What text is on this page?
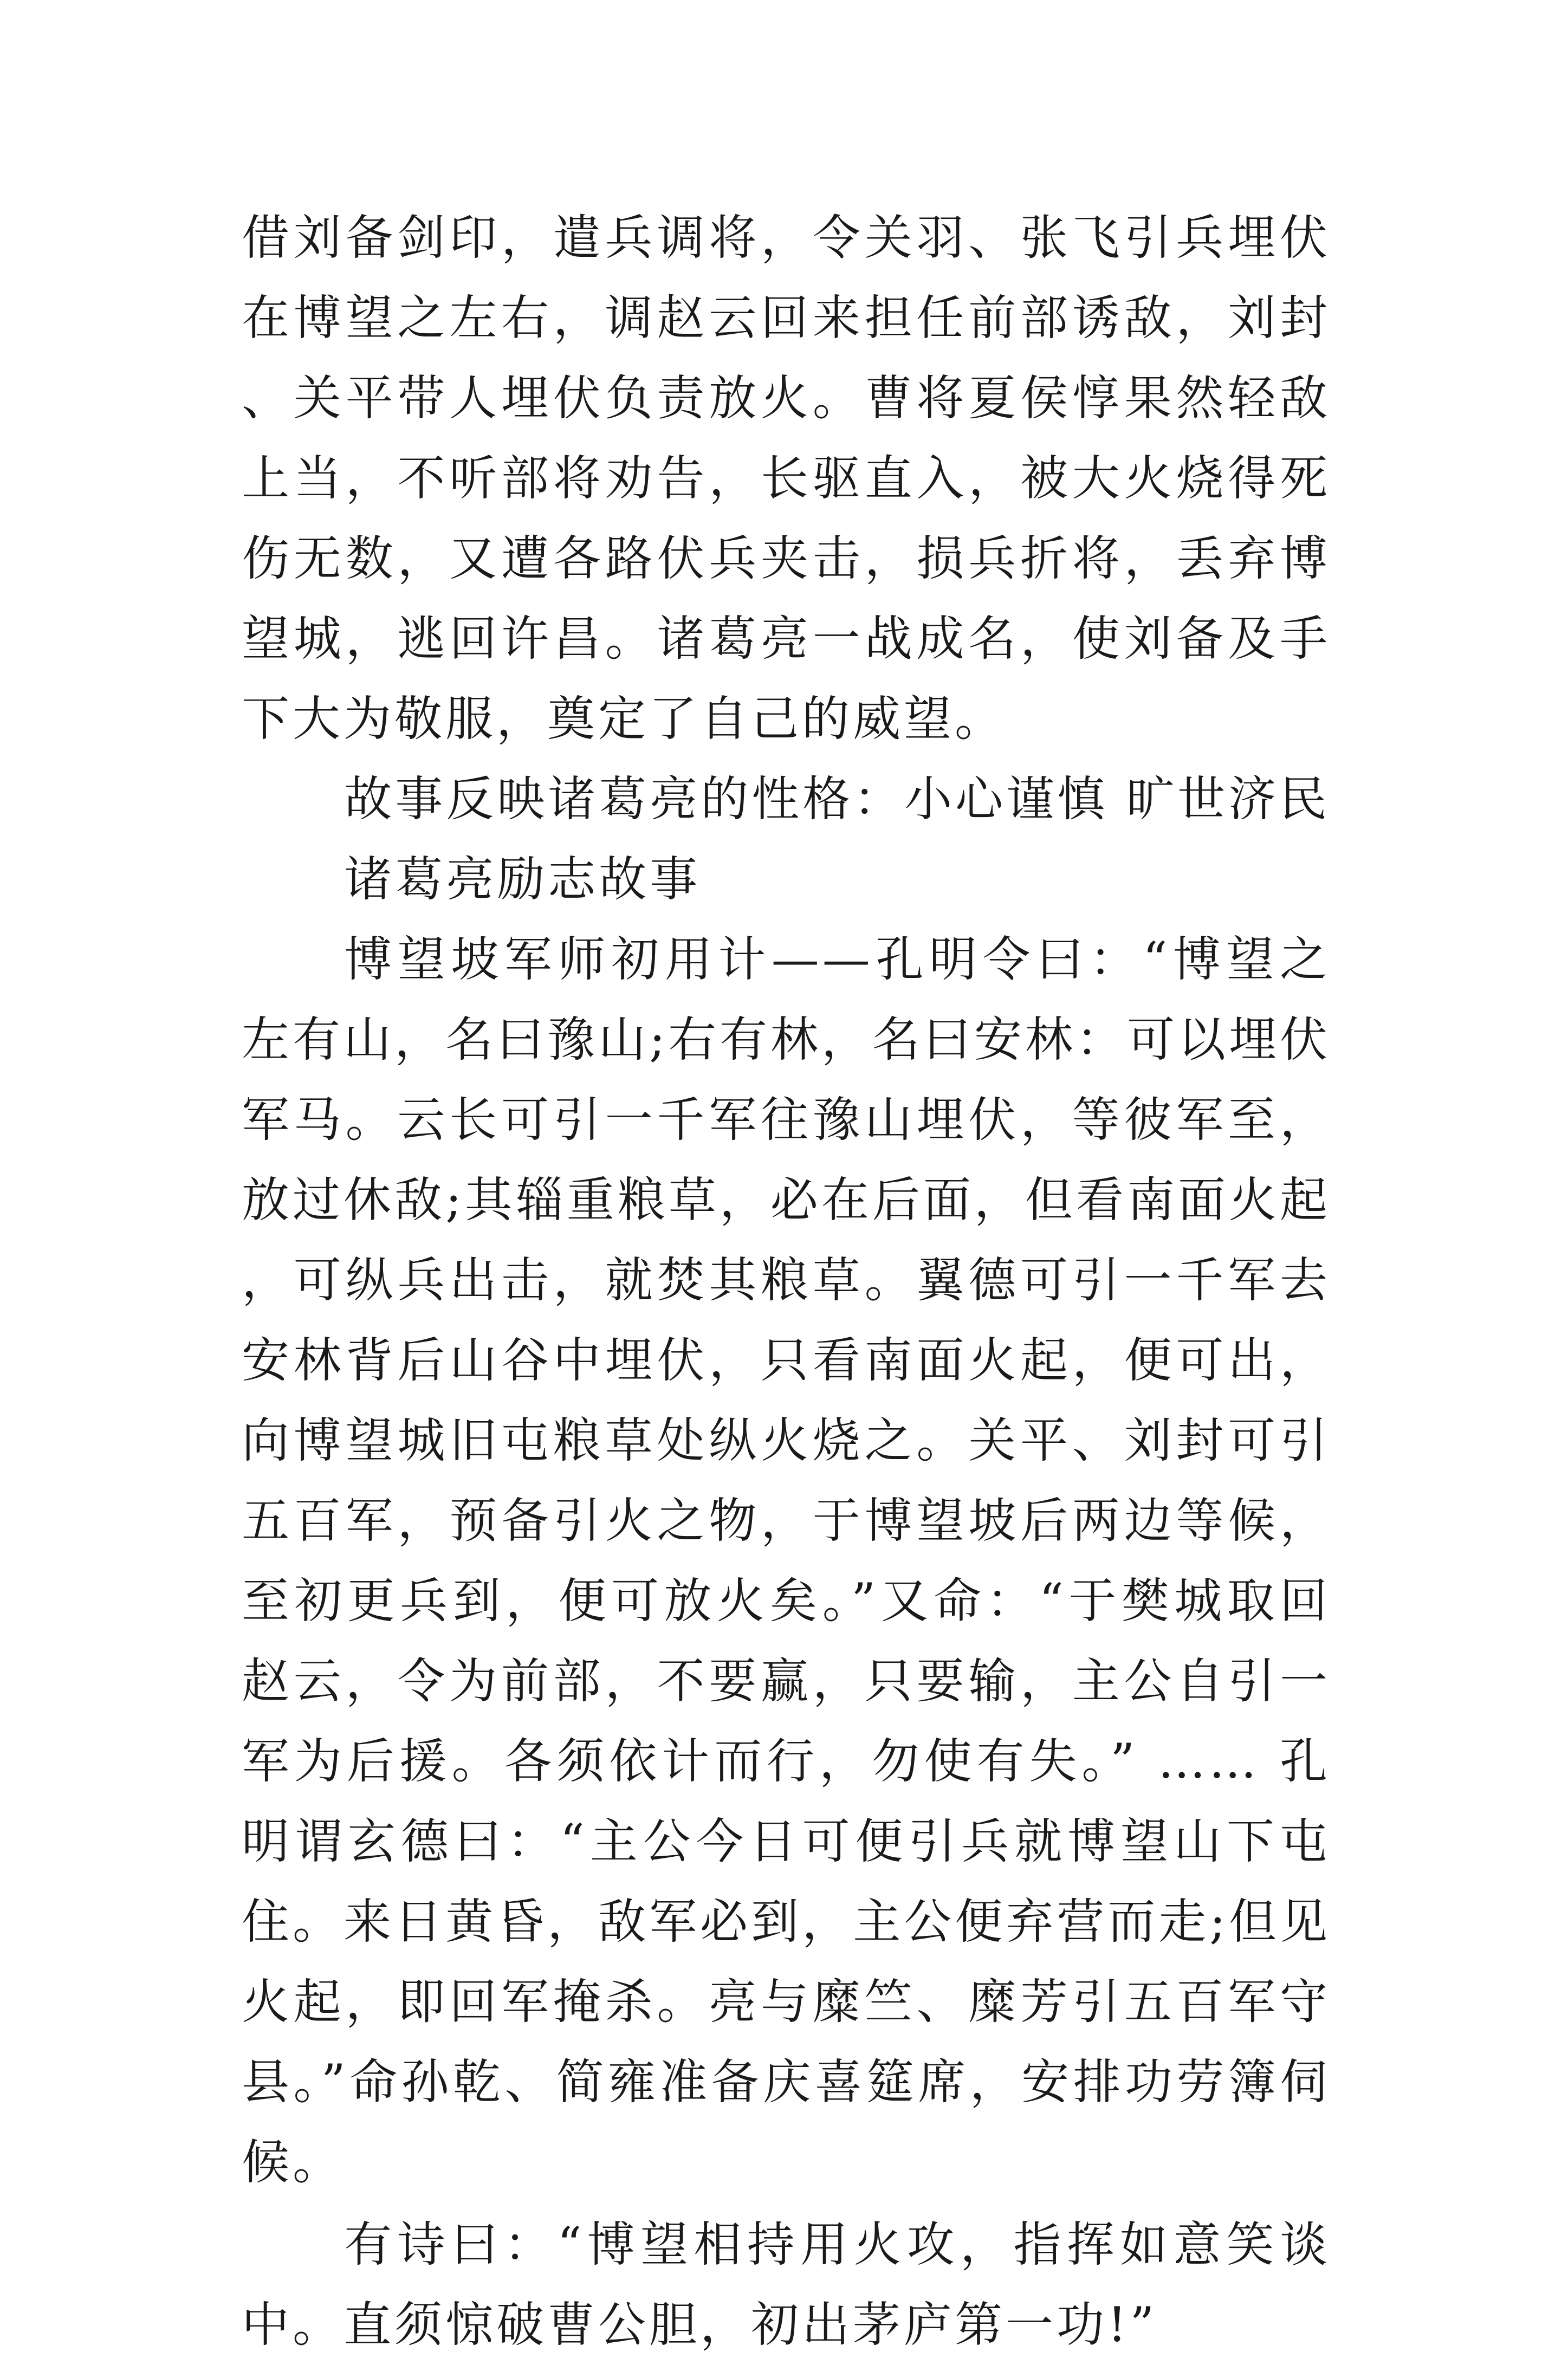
借刘备剑印，遣兵调将，令关羽、张飞引兵埋伏在博望之左右，调赵云回来担任前部诱敌，刘封、关平带人埋伏负责放火。曹将夏侯惇果然轻敌上当，不听部将劝告，长驱直入，被大火烧得死伤无数，又遭各路伏兵夹击，损兵折将，丢弃博望城，逃回许昌。诸葛亮一战成名，使刘备及手下大为敬服，奠定了自己的威望。

故事反映诸葛亮的性格：小心谨慎 旷世济民

诸葛亮励志故事

博望坡军师初用计——孔明令曰：“博望之左有山，名曰豫山;右有林，名曰安林：可以埋伏军马。云长可引一千军往豫山埋伏，等彼军至，放过休敌;其辎重粮草，必在后面，但看南面火起，可纵兵出击，就焚其粮草。翼德可引一千军去安林背后山谷中埋伏，只看南面火起，便可出，向博望城旧屯粮草处纵火烧之。关平、刘封可引五百军，预备引火之物，于博望坡后两边等候，至初更兵到，便可放火矣。”又命：“于樊城取回赵云，令为前部，不要赢，只要输，主公自引一军为后援。各须依计而行，勿使有失。” …… 孔明谓玄德曰：“主公今日可便引兵就博望山下屯住。来日黄昏，敌军必到，主公便弃营而走;但见火起，即回军掩杀。亮与糜竺、糜芳引五百军守县。”命孙乾、简雍准备庆喜筵席，安排功劳簿伺候。

有诗曰：“博望相持用火攻，指挥如意笑谈中。直须惊破曹公胆，初出茅庐第一功!”
